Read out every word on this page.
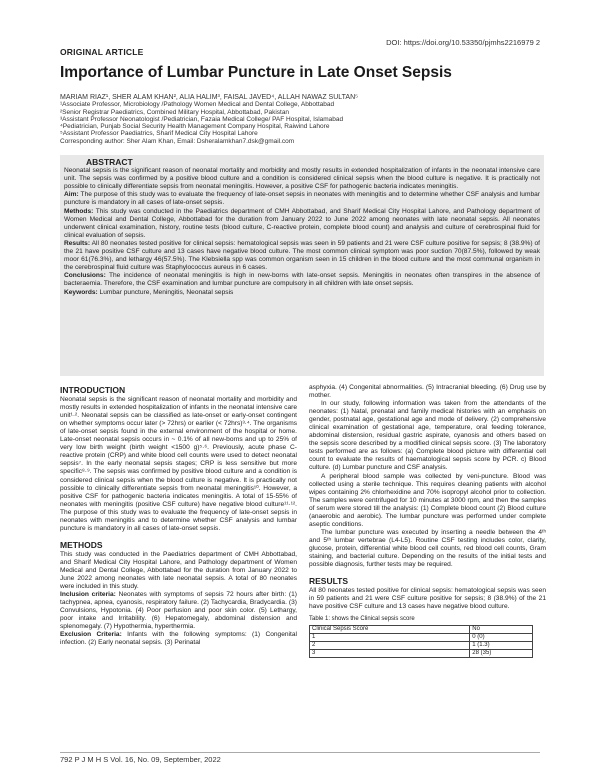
DOI: https://doi.org/10.53350/pjmhs2216979 2
ORIGINAL ARTICLE
Importance of Lumbar Puncture in Late Onset Sepsis
MARIAM RIAZ¹, SHER ALAM KHAN², ALIA HALIM³, FAISAL JAVED⁴, ALLAH NAWAZ SULTAN⁵
¹Associate Professor, Microbiology /Pathology Women Medical and Dental College, Abbottabad
²Senior Registrar Paediatrics, Combined Military Hospital, Abbottabad, Pakistan
³Assistant Professor Neonatologist /Pediatrician, Fazaia Medical College/ PAF Hospital, Islamabad
⁴Pediatrician, Punjab Social Security Health Management Company Hospital, Raiwind Lahore
⁵Assistant Professor Paediatrics, Sharif Medical City Hospital Lahore
Corresponding author: Sher Alam Khan, Email: Dsheralamkhan7.dsk@gmail.com
ABSTRACT

Neonatal sepsis is the significant reason of neonatal mortality and morbidity and mostly results in extended hospitalization of infants in the neonatal intensive care unit. The sepsis was confirmed by a positive blood culture and a condition is considered clinical sepsis when the blood culture is negative. It is practically not possible to clinically differentiate sepsis from neonatal meningitis. However, a positive CSF for pathogenic bacteria indicates meningitis.

Aim: The purpose of this study was to evaluate the frequency of late-onset sepsis in neonates with meningitis and to determine whether CSF analysis and lumbar puncture is mandatory in all cases of late-onset sepsis.

Methods: This study was conducted in the Paediatrics department of CMH Abbottabad, and Sharif Medical City Hospital Lahore, and Pathology department of Women Medical and Dental College, Abbottabad for the duration from January 2022 to June 2022 among neonates with late neonatal sepsis. All neonates underwent clinical examination, history, routine tests (blood culture, C-reactive protein, complete blood count) and analysis and culture of cerebrospinal fluid for clinical evaluation of sepsis.

Results: All 80 neonates tested positive for clinical sepsis: hematological sepsis was seen in 59 patients and 21 were CSF culture positive for sepsis; 8 (38.9%) of the 21 have positive CSF culture and 13 cases have negative blood culture. The most common clinical symptom was poor suction 70(87.5%), followed by weak moor 61(76.3%), and lethargy 46(57.5%). The Klebsiella spp was common organism seen in 15 children in the blood culture and the most communal organism in the cerebrospinal fluid culture was Staphylococcus aureus in 6 cases.

Conclusions: The incidence of neonatal meningitis is high in new-borns with late-onset sepsis. Meningitis in neonates often transpires in the absence of bacteraemia. Therefore, the CSF examination and lumbar puncture are compulsory in all children with late onset sepsis.

Keywords: Lumbar puncture, Meningitis, Neonatal sepsis

INTRODUCTION

Neonatal sepsis is the significant reason of neonatal mortality and morbidity and mostly results in extended hospitalization of infants in the neonatal intensive care unit¹·². Neonatal sepsis can be classified as late-onset or early-onset contingent on whether symptoms occur later (> 72hrs) or earlier (< 72hrs)³·⁴. The organisms of late-onset sepsis found in the external environment of the hospital or home. Late-onset neonatal sepsis occurs in ~ 0.1% of all new-borns and up to 25% of very low birth weight (birth weight <1500 g)⁵·⁶. Previously, acute phase C-reactive protein (CRP) and white blood cell counts were used to detect neonatal sepsis⁷. In the early neonatal sepsis stages; CRP is less sensitive but more specific⁸·⁹. The sepsis was confirmed by positive blood culture and a condition is considered clinical sepsis when the blood culture is negative. It is practically not possible to clinically differentiate sepsis from neonatal meningitis¹⁰. However, a positive CSF for pathogenic bacteria indicates meningitis. A total of 15-55% of neonates with meningitis (positive CSF culture) have negative blood culture¹¹·¹². The purpose of this study was to evaluate the frequency of late-onset sepsis in neonates with meningitis and to determine whether CSF analysis and lumbar puncture is mandatory in all cases of late-onset sepsis.

METHODS

This study was conducted in the Paediatrics department of CMH Abbottabad, and Sharif Medical City Hospital Lahore, and Pathology department of Women Medical and Dental College, Abbottabad for the duration from January 2022 to June 2022 among neonates with late neonatal sepsis. A total of 80 neonates were included in this study.

Inclusion criteria: Neonates with symptoms of sepsis 72 hours after birth: (1) tachypnea, apnea, cyanosis, respiratory failure. (2) Tachycardia, Bradycardia. (3) Convulsions, Hypotonia. (4) Poor perfusion and poor skin color. (5) Lethargy, poor intake and Irritability. (6) Hepatomegaly, abdominal distension and splenomegaly. (7) Hypothermia, hyperthermia.

Exclusion Criteria: Infants with the following symptoms: (1) Congenital infection. (2) Early neonatal sepsis. (3) Perinatal

asphyxia. (4) Congenital abnormalities. (5) Intracranial bleeding. (6) Drug use by mother.

In our study, following information was taken from the attendants of the neonates: (1) Natal, prenatal and family medical histories with an emphasis on gender, postnatal age, gestational age and mode of delivery. (2) comprehensive clinical examination of gestational age, temperature, oral feeding tolerance, abdominal distension, residual gastric aspirate, cyanosis and others based on the sepsis score described by a modified clinical sepsis score. (3) The laboratory tests performed are as follows: (a) Complete blood picture with differential cell count to evaluate the results of haematological sepsis score by PCR. c) Blood culture. (d) Lumbar puncture and CSF analysis.

A peripheral blood sample was collected by veni-puncture. Blood was collected using a sterile technique. This requires cleaning patients with alcohol wipes containing 2% chlorhexidine and 70% isopropyl alcohol prior to collection. The samples were centrifuged for 10 minutes at 3000 rpm, and then the samples of serum were stored till the analysis: (1) Complete blood count (2) Blood culture (anaerobic and aerobic). The lumbar puncture was performed under complete aseptic conditions.

The lumbar puncture was executed by inserting a needle between the 4ᵗʰ and 5ᵗʰ lumbar vertebrae (L4-L5). Routine CSF testing includes color, clarity, glucose, protein, differential white blood cell counts, red blood cell counts, Gram staining, and bacterial culture. Depending on the results of the initial tests and possible diagnosis, further tests may be required.

RESULTS

All 80 neonates tested positive for clinical sepsis: hematological sepsis was seen in 59 patients and 21 were CSF culture positive for sepsis; 8 (38.9%) of the 21 have positive CSF culture and 13 cases have negative blood culture.

Table 1: shows the Clinical sepsis score
Clinical Sepsis Score	No
1	0 (0)
2	1 (1.3)
3	28 (35)
792 P J M H S Vol. 16, No. 09, September, 2022
